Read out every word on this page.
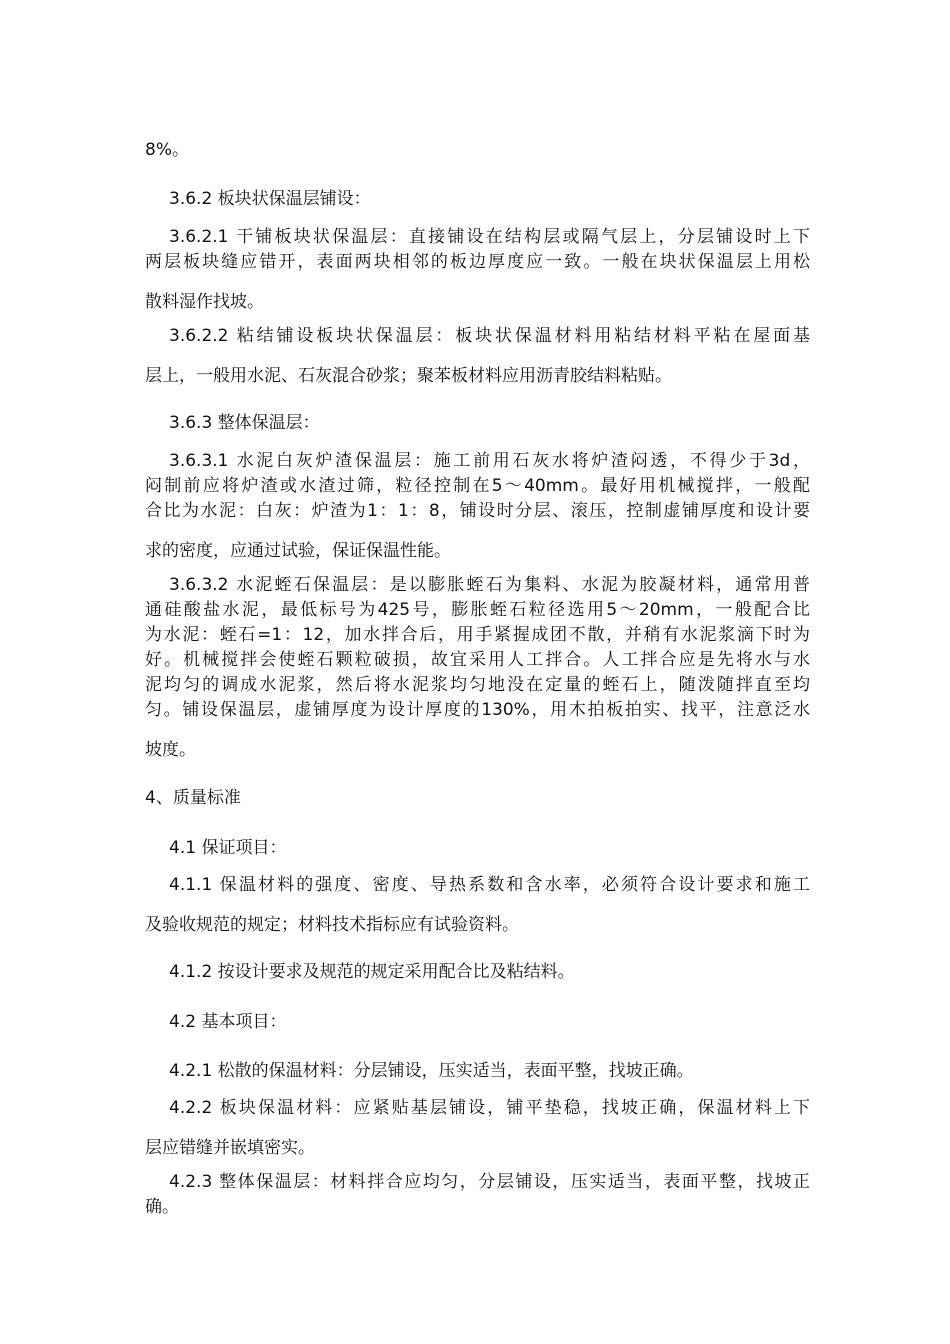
8%。
3.6.2 板块状保温层铺设：
3.6.2.1 干铺板块状保温层：直接铺设在结构层或隔气层上，分层铺设时上下
两层板块缝应错开，表面两块相邻的板边厚度应一致。一般在块状保温层上用松
散料湿作找坡。
3.6.2.2 粘结铺设板块状保温层：板块状保温材料用粘结材料平粘在屋面基
层上，一般用水泥、石灰混合砂浆；聚苯板材料应用沥青胶结料粘贴。
3.6.3 整体保温层：
3.6.3.1 水泥白灰炉渣保温层：施工前用石灰水将炉渣闷透，不得少于3d，
闷制前应将炉渣或水渣过筛，粒径控制在5～40mm。最好用机械搅拌，一般配
合比为水泥：白灰：炉渣为1：1：8，铺设时分层、滚压，控制虚铺厚度和设计要
求的密度，应通过试验，保证保温性能。
3.6.3.2 水泥蛭石保温层：是以膨胀蛭石为集料、水泥为胶凝材料，通常用普
通硅酸盐水泥，最低标号为425号，膨胀蛭石粒径选用5～20mm，一般配合比
为水泥：蛭石=1：12，加水拌合后，用手紧握成团不散，并稍有水泥浆滴下时为
好。机械搅拌会使蛭石颗粒破损，故宜采用人工拌合。人工拌合应是先将水与水
泥均匀的调成水泥浆，然后将水泥浆均匀地没在定量的蛭石上，随泼随拌直至均
匀。铺设保温层，虚铺厚度为设计厚度的130%，用木拍板拍实、找平，注意泛水
坡度。
4、质量标准
4.1 保证项目：
4.1.1 保温材料的强度、密度、导热系数和含水率，必须符合设计要求和施工
及验收规范的规定；材料技术指标应有试验资料。
4.1.2 按设计要求及规范的规定采用配合比及粘结料。
4.2 基本项目：
4.2.1 松散的保温材料：分层铺设，压实适当，表面平整，找坡正确。
4.2.2 板块保温材料：应紧贴基层铺设，铺平垫稳，找坡正确，保温材料上下
层应错缝并嵌填密实。
4.2.3 整体保温层：材料拌合应均匀，分层铺设，压实适当，表面平整，找坡正
确。
